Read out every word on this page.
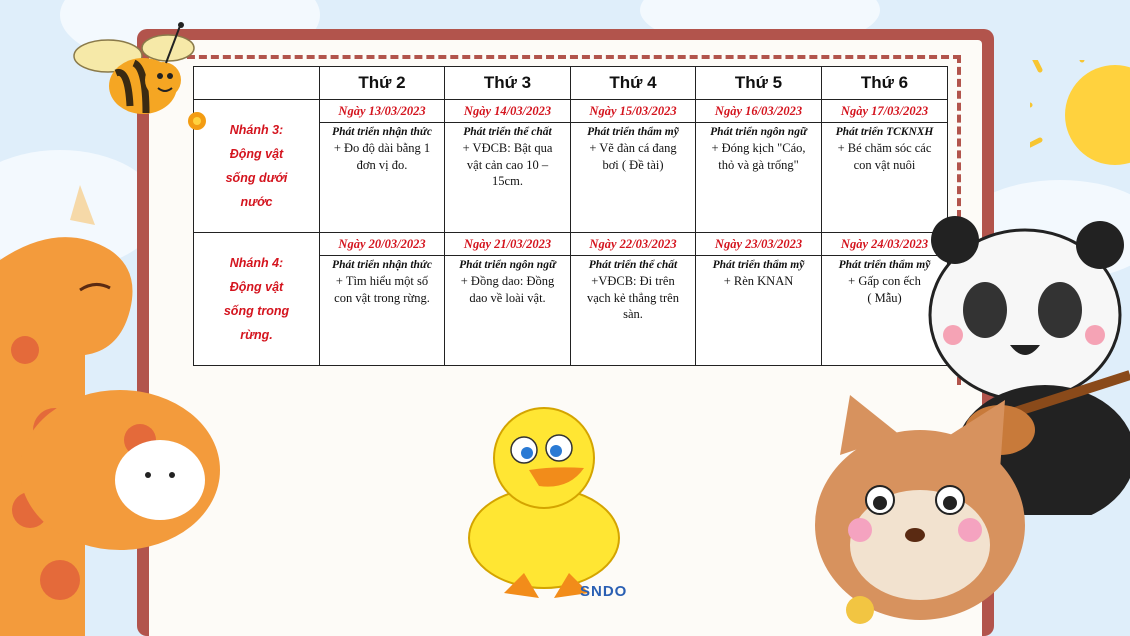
	Thứ 2	Thứ 3	Thứ 4	Thứ 5	Thứ 6

Nhánh 3:
Động vật
sống dưới
nước	Ngày 13/03/2023	Ngày 14/03/2023	Ngày 15/03/2023	Ngày 16/03/2023	Ngày 17/03/2023

	Phát triển nhận thức
+ Đo độ dài bằng 1
đơn vị đo.	Phát triển thể chất
+ VĐCB: Bật qua
vật cản cao 10 –
15cm.	Phát triển thẩm mỹ
+ Vẽ đàn cá đang
bơi ( Đề tài)	Phát triển ngôn ngữ
+ Đóng kịch "Cáo,
thỏ và gà trống"	Phát triển TCKNXH
+ Bé chăm sóc các
con vật nuôi

Nhánh 4:
Động vật
sống trong
rừng.	Ngày 20/03/2023	Ngày 21/03/2023	Ngày 22/03/2023	Ngày 23/03/2023	Ngày 24/03/2023

	Phát triển nhận thức
+ Tìm hiểu một số
con vật trong rừng.	Phát triển ngôn ngữ
+ Đồng dao: Đồng
dao về loài vật.	Phát triển thể chất
+VĐCB: Đi trên
vạch kẻ thẳng trên
sàn.	Phát triển thẩm mỹ
+ Rèn KNAN	Phát triển thẩm mỹ
+ Gấp con ếch
( Mẫu)
SNDO
